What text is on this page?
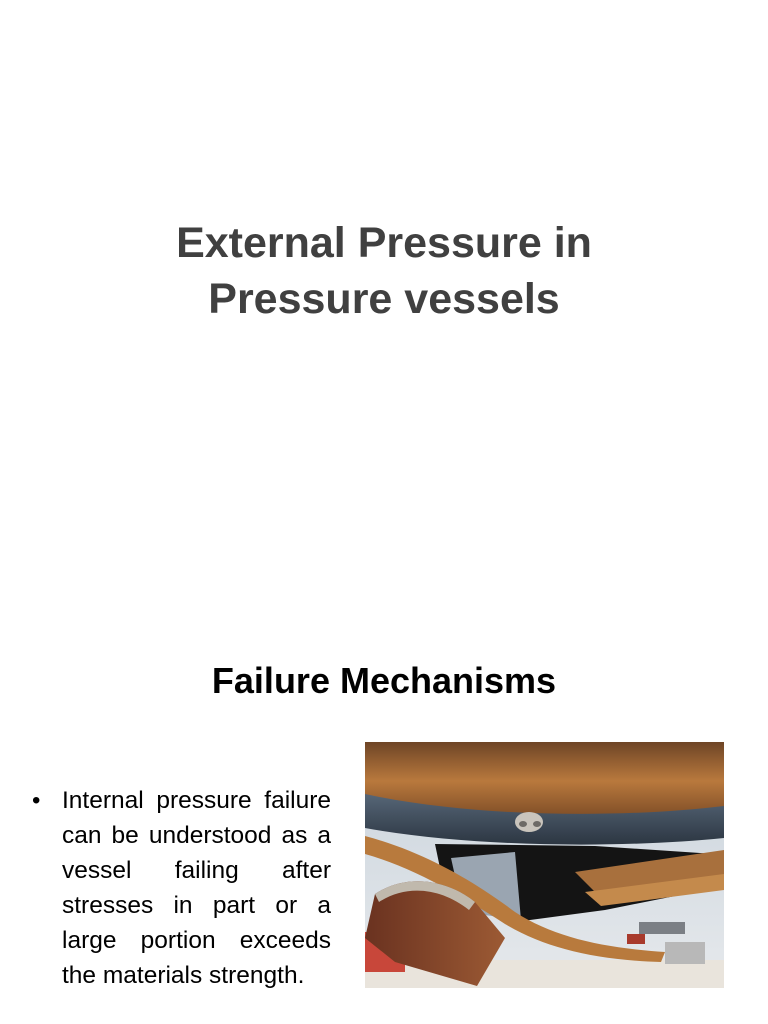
External Pressure in
Pressure vessels
Failure Mechanisms
• Internal pressure failure can be understood as a vessel failing after stresses in part or a large portion exceeds the materials strength.
